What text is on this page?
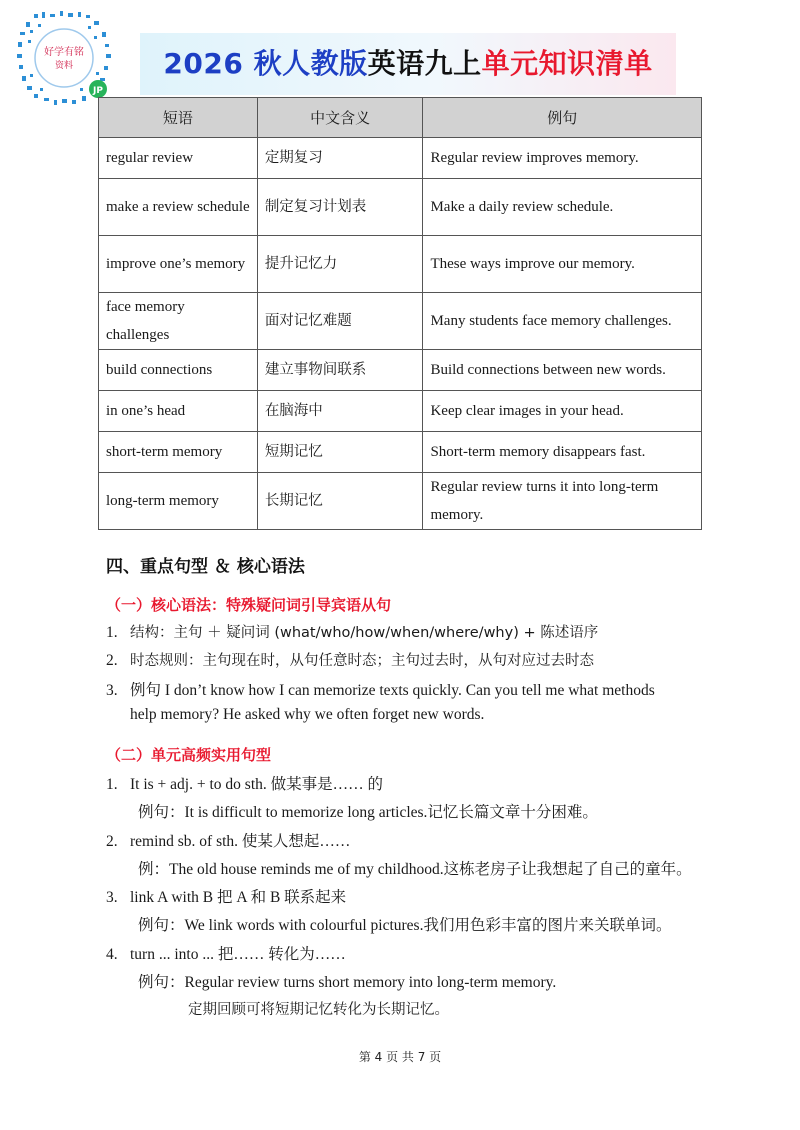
好学有铭
资料
JP
2026 秋人教版英语九上单元知识清单
短语	中文含义	例句
regular review	定期复习	Regular review improves memory.
make a review schedule	制定复习计划表	Make a daily review schedule.
improve one’s memory	提升记忆力	These ways improve our memory.
face memory challenges	面对记忆难题	Many students face memory challenges.
build connections	建立事物间联系	Build connections between new words.
in one’s head	在脑海中	Keep clear images in your head.
short-term memory	短期记忆	Short-term memory disappears fast.
long-term memory	长期记忆	Regular review turns it into long-term memory.
四、重点句型 ＆ 核心语法
（一）核心语法：特殊疑问词引导宾语从句
1. 结构：主句 ＋ 疑问词 (what/who/how/when/where/why) + 陈述语序
2. 时态规则：主句现在时，从句任意时态；主句过去时，从句对应过去时态
3. 例句 I don’t know how I can memorize texts quickly. Can you tell me what methods
help memory? He asked why we often forget new words.
（二）单元高频实用句型
1. It is + adj. + to do sth. 做某事是…… 的
例句：It is difficult to memorize long articles.记忆长篇文章十分困难。
2. remind sb. of sth. 使某人想起……
例：The old house reminds me of my childhood.这栋老房子让我想起了自己的童年。
3. link A with B 把 A 和 B 联系起来
例句：We link words with colourful pictures.我们用色彩丰富的图片来关联单词。
4. turn ... into ... 把…… 转化为……
例句：Regular review turns short memory into long-term memory.
定期回顾可将短期记忆转化为长期记忆。
第 4 页 共 7 页
